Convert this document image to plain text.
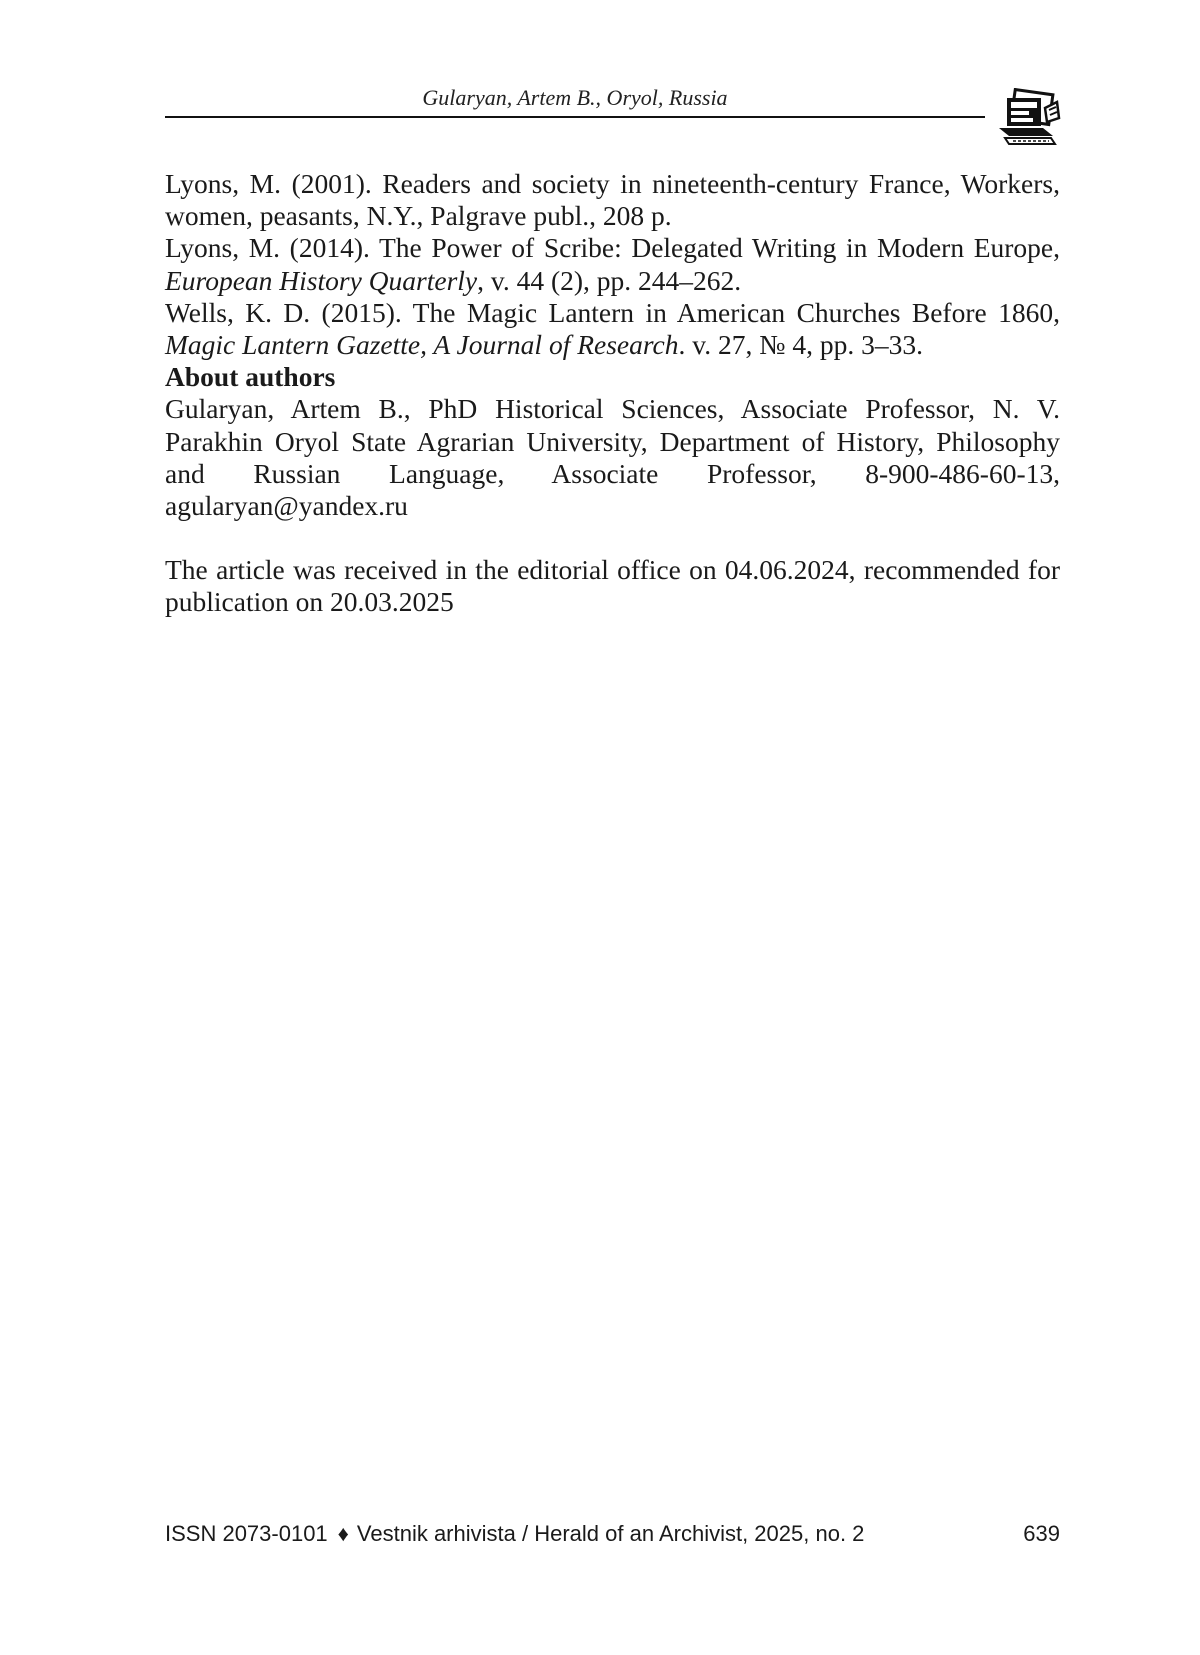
Gularyan, Artem B., Oryol, Russia

Lyons, M. (2001). Readers and society in nineteenth-century France, Workers, women, peasants, N.Y., Palgrave publ., 208 p.

Lyons, M. (2014). The Power of Scribe: Delegated Writing in Modern Europe, European History Quarterly, v. 44 (2), pp. 244–262.

Wells, K. D. (2015). The Magic Lantern in American Churches Before 1860, Magic Lantern Gazette, A Journal of Research. v. 27, № 4, pp. 3–33.

About authors

Gularyan, Artem B., PhD Historical Sciences, Associate Professor, N. V. Parakhin Oryol State Agrarian University, Department of History, Philosophy and Russian Language, Associate Professor, 8-900-486-60-13, agularyan@yandex.ru

The article was received in the editorial office on 04.06.2024, recommended for publication on 20.03.2025

ISSN 2073-0101 ♦ Vestnik arhivista / Herald of an Archivist, 2025, no. 2	639
